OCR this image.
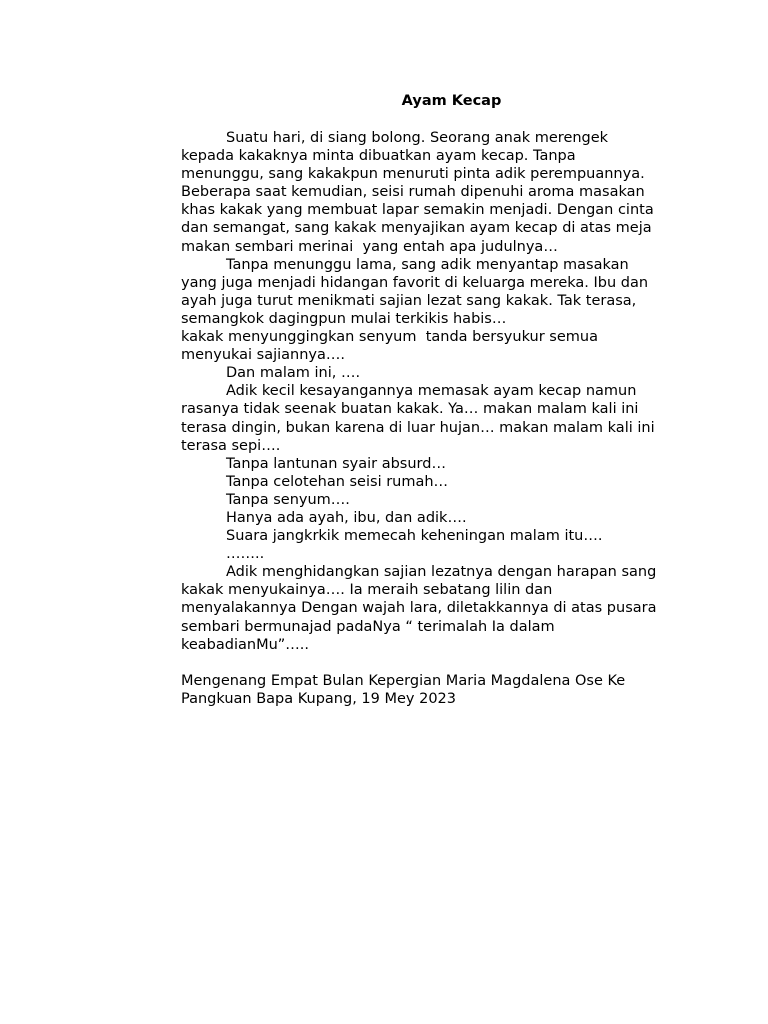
Ayam Kecap
Suatu hari, di siang bolong. Seorang anak merengek
kepada kakaknya minta dibuatkan ayam kecap. Tanpa
menunggu, sang kakakpun menuruti pinta adik perempuannya.
Beberapa saat kemudian, seisi rumah dipenuhi aroma masakan
khas kakak yang membuat lapar semakin menjadi. Dengan cinta
dan semangat, sang kakak menyajikan ayam kecap di atas meja
makan sembari merinai  yang entah apa judulnya…
Tanpa menunggu lama, sang adik menyantap masakan
yang juga menjadi hidangan favorit di keluarga mereka. Ibu dan
ayah juga turut menikmati sajian lezat sang kakak. Tak terasa,
semangkok dagingpun mulai terkikis habis…
kakak menyunggingkan senyum  tanda bersyukur semua
menyukai sajiannya….
Dan malam ini, ….
Adik kecil kesayangannya memasak ayam kecap namun
rasanya tidak seenak buatan kakak. Ya… makan malam kali ini
terasa dingin, bukan karena di luar hujan… makan malam kali ini
terasa sepi….
Tanpa lantunan syair absurd…
Tanpa celotehan seisi rumah…
Tanpa senyum….
Hanya ada ayah, ibu, dan adik….
Suara jangkrkik memecah keheningan malam itu….
……..
Adik menghidangkan sajian lezatnya dengan harapan sang
kakak menyukainya…. Ia meraih sebatang lilin dan
menyalakannya Dengan wajah lara, diletakkannya di atas pusara
sembari bermunajad padaNya “ terimalah Ia dalam
keabadianMu”…..
Mengenang Empat Bulan Kepergian Maria Magdalena Ose Ke
Pangkuan Bapa Kupang, 19 Mey 2023
